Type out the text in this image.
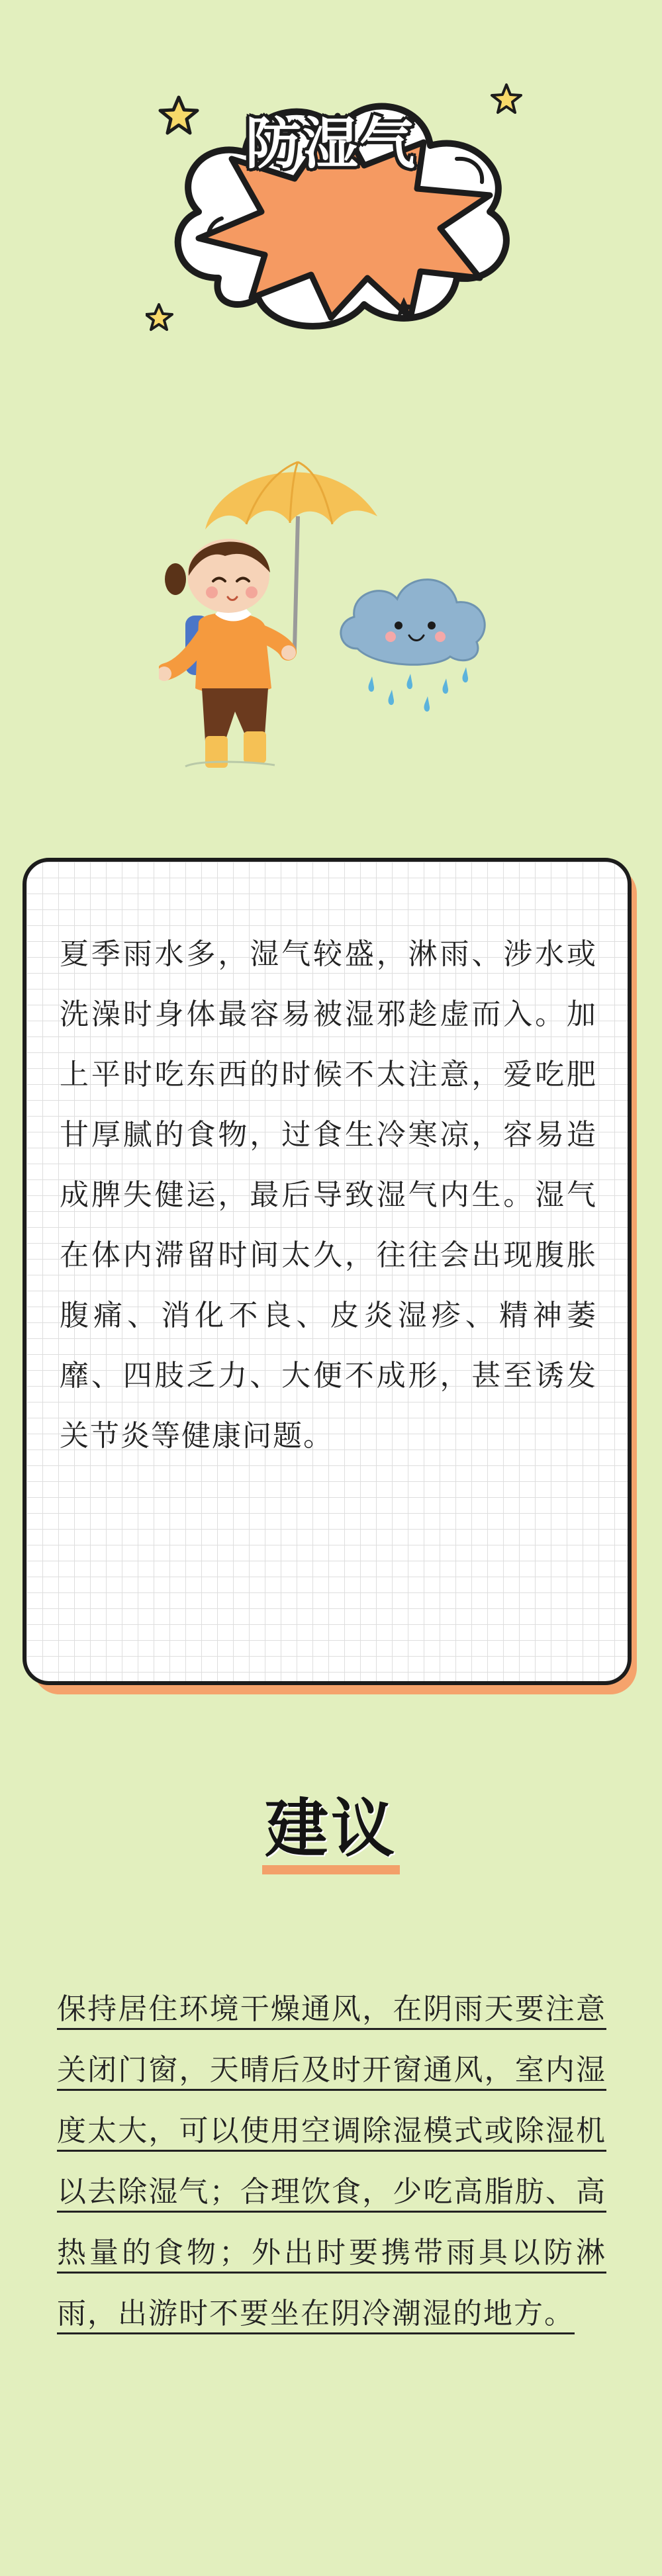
防湿气

夏季雨水多，湿气较盛，淋雨、涉水或洗澡时身体最容易被湿邪趁虚而入。加上平时吃东西的时候不太注意，爱吃肥甘厚腻的食物，过食生冷寒凉，容易造成脾失健运，最后导致湿气内生。湿气在体内滞留时间太久，往往会出现腹胀腹痛、消化不良、皮炎湿疹、精神萎靡、四肢乏力、大便不成形，甚至诱发关节炎等健康问题。

建议

保持居住环境干燥通风，在阴雨天要注意关闭门窗，天晴后及时开窗通风，室内湿度太大，可以使用空调除湿模式或除湿机以去除湿气；合理饮食，少吃高脂肪、高热量的食物；外出时要携带雨具以防淋雨，出游时不要坐在阴冷潮湿的地方。
